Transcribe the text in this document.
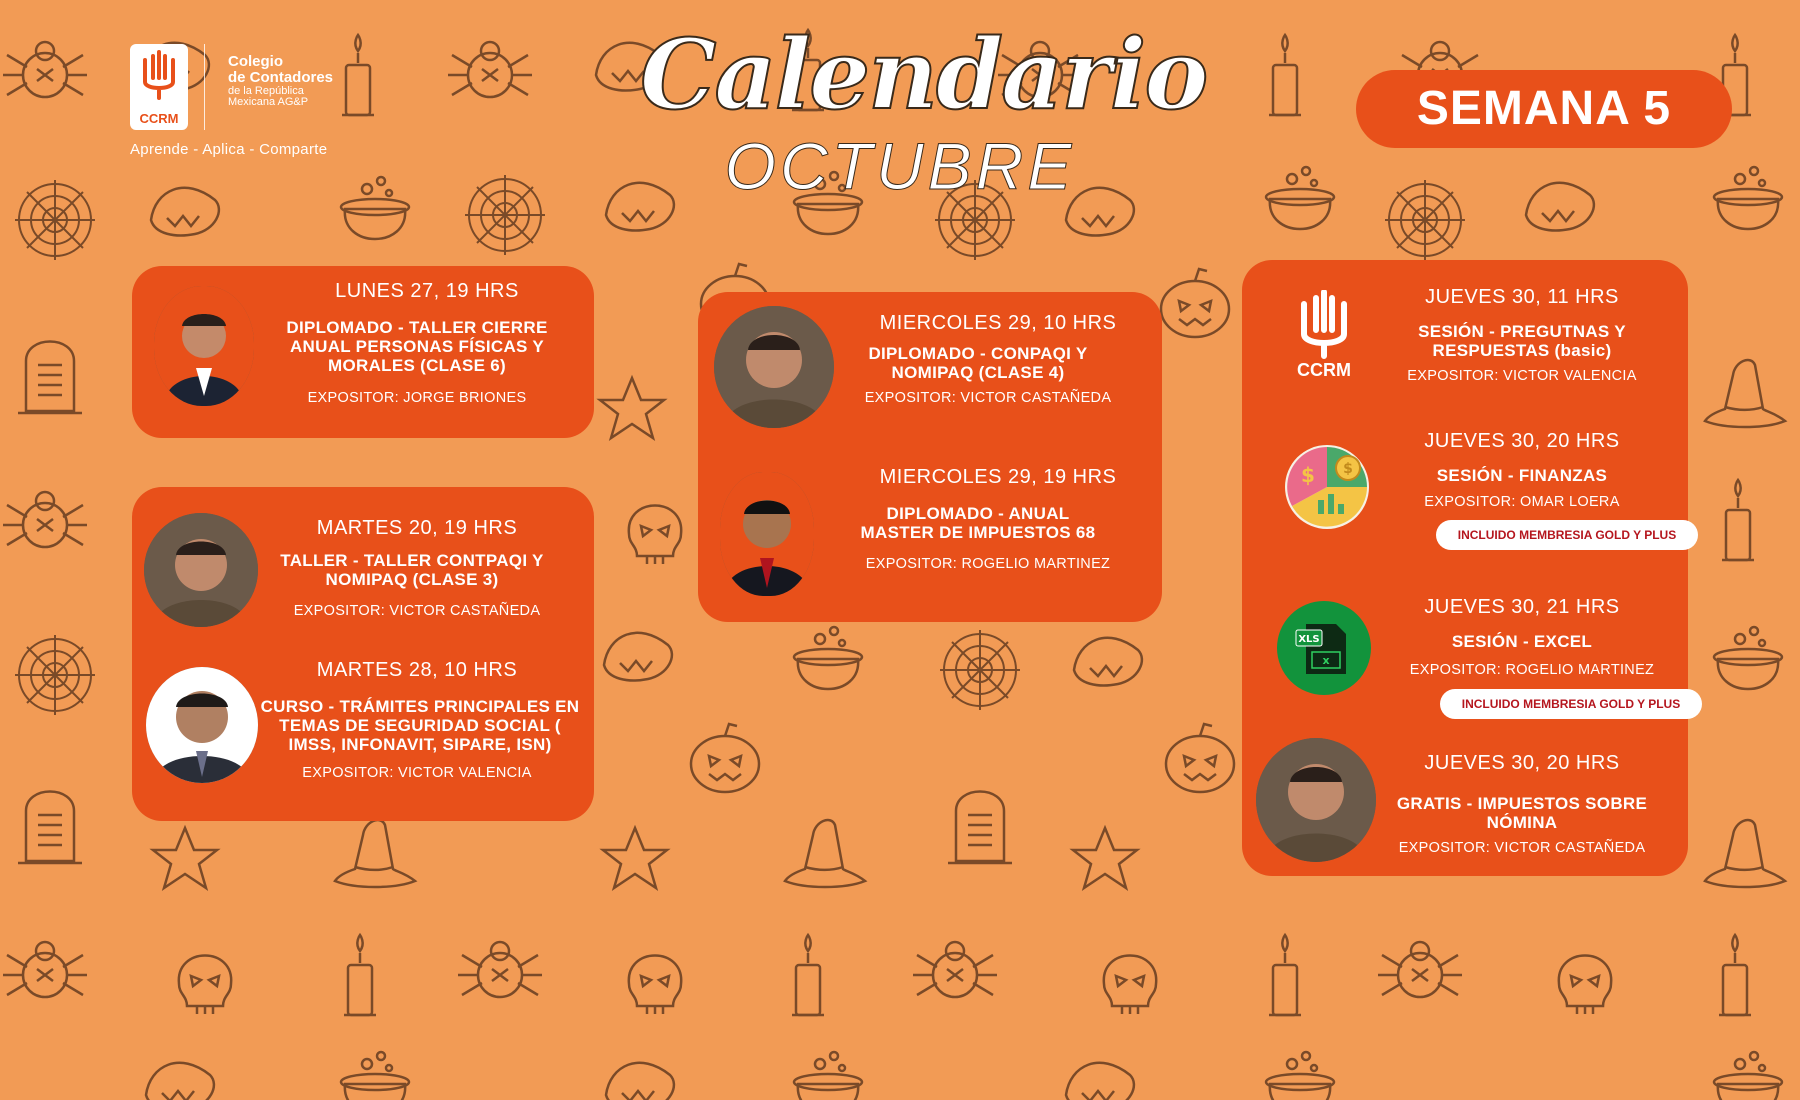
CCRM
Colegio
de Contadores
de la República
Mexicana AG&P
Aprende - Aplica - Comparte
Calendario
OCTUBRE
SEMANA 5
LUNES 27, 19 HRS
DIPLOMADO - TALLER CIERRE ANUAL PERSONAS FÍSICAS Y MORALES (CLASE 6)
EXPOSITOR: JORGE BRIONES
MARTES 20, 19 HRS
TALLER - TALLER CONTPAQI Y NOMIPAQ (CLASE 3)
EXPOSITOR: VICTOR CASTAÑEDA
MARTES 28, 10 HRS
CURSO - TRÁMITES PRINCIPALES EN TEMAS DE SEGURIDAD SOCIAL ( IMSS, INFONAVIT, SIPARE, ISN)
EXPOSITOR: VICTOR VALENCIA
MIERCOLES 29, 10 HRS
DIPLOMADO - CONPAQI Y NOMIPAQ (CLASE 4)
EXPOSITOR: VICTOR CASTAÑEDA
MIERCOLES 29, 19 HRS
DIPLOMADO - ANUAL MASTER DE IMPUESTOS 68
EXPOSITOR: ROGELIO MARTINEZ
CCRM
JUEVES 30, 11 HRS
SESIÓN - PREGUTNAS Y RESPUESTAS (basic)
EXPOSITOR: VICTOR VALENCIA
$
$
JUEVES 30, 20 HRS
SESIÓN - FINANZAS
EXPOSITOR: OMAR LOERA
INCLUIDO MEMBRESIA GOLD Y PLUS
XLS
x
JUEVES 30, 21 HRS
SESIÓN - EXCEL
EXPOSITOR: ROGELIO MARTINEZ
INCLUIDO MEMBRESIA GOLD Y PLUS
JUEVES 30, 20 HRS
GRATIS - IMPUESTOS SOBRE NÓMINA
EXPOSITOR: VICTOR CASTAÑEDA
